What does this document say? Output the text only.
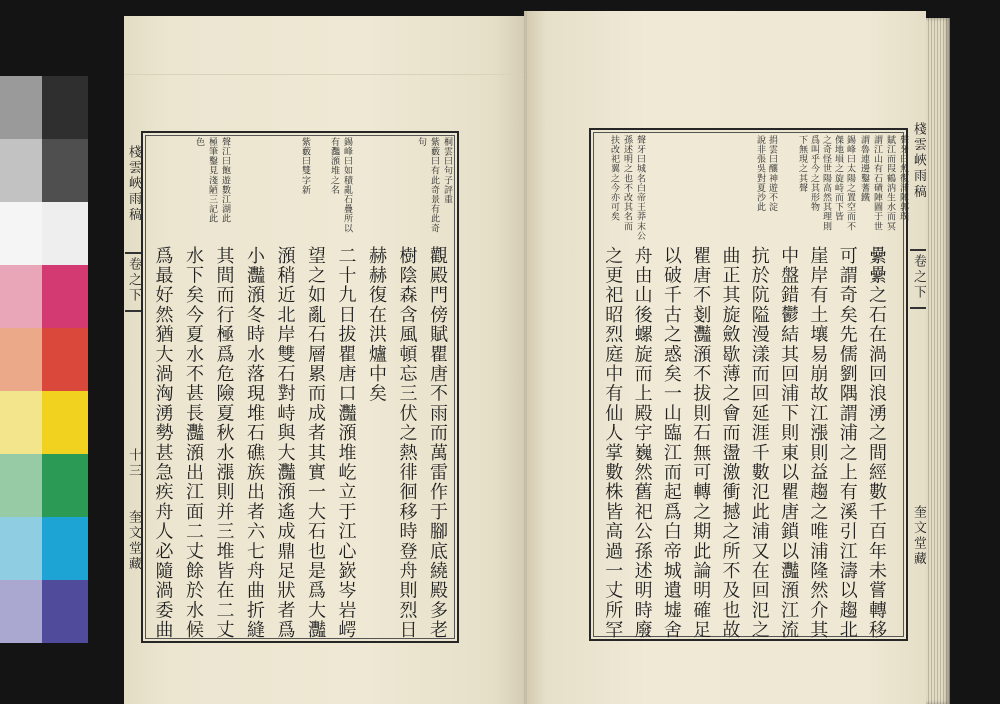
棧雲峽雨稿
卷之下
十三
奎文堂藏
桐雲曰句子評重
紫藪曰有此奇景有此奇
句
錫峰曰如積亂石疊所以
有灩澦堆之名
紫藪曰雙字新
聲江曰飽遊數江湖此
極筆鑿見淺陋三記此
色
觀殿門傍賦瞿唐不雨而萬雷作于腳底繞殿多老
樹陰森含風頓忘三伏之熱徘徊移時登舟則烈日
赫赫復在洪爐中矣
二十九日拔瞿唐口灩澦堆屹立于江心嶔岑岩崿
望之如亂石層累而成者其實一大石也是爲大灩
澦稍近北岸雙石對峙與大灩澦遙成鼎足狀者爲
小灩澦冬時水落現堆石礁族出者六七舟曲折縫
其間而行極爲危險夏秋水漲則并三堆皆在二丈
水下矣今夏水不甚長灩澦出江面二丈餘於水候
爲最好然猶大渦洶湧勢甚急疾舟人必隨渦委曲
棧雲峽雨稿
卷之下
奎文堂藏
聲牙曰魚復浦陣郭璞
賦江而叚鶴汭生水而冥
謂江山有石磧陣圖于世
謂魯連邊鑿蓍鐵
錫峰曰太陽之置空而不
傑地塤之旋峙而下皆
之奇怪世陽高然其理則
爲叫乎今之其形物
下無現之其聲
捐雲曰釀神遊不淀
說非張吳對夏沙此
聲牙曰城名白帝王莽末公
孫述明之也不改其名而
扶改祀翼之今亦可矣
纍纍之石在渦回浪湧之間經數千百年未嘗轉移
可謂奇矣先儒劉隅謂浦之上有溪引江濤以趨北
崖岸有土壤易崩故江漲則益趨之唯浦隆然介其
中盤錯鬱結其回浦下則東以瞿唐鎖以灩澦江流
抗於阬隘漫漾而回延涯千數氾此浦又在回氾之
曲正其旋斂歇薄之會而盪激衝撼之所不及也故
瞿唐不剗灩澦不拔則石無可轉之期此論明確足
以破千古之惑矣一山臨江而起爲白帝城遺墟舍
舟由山後螺旋而上殿宇巍然舊祀公孫述明時廢
之更祀昭烈庭中有仙人掌數株皆高過一丈所罕
